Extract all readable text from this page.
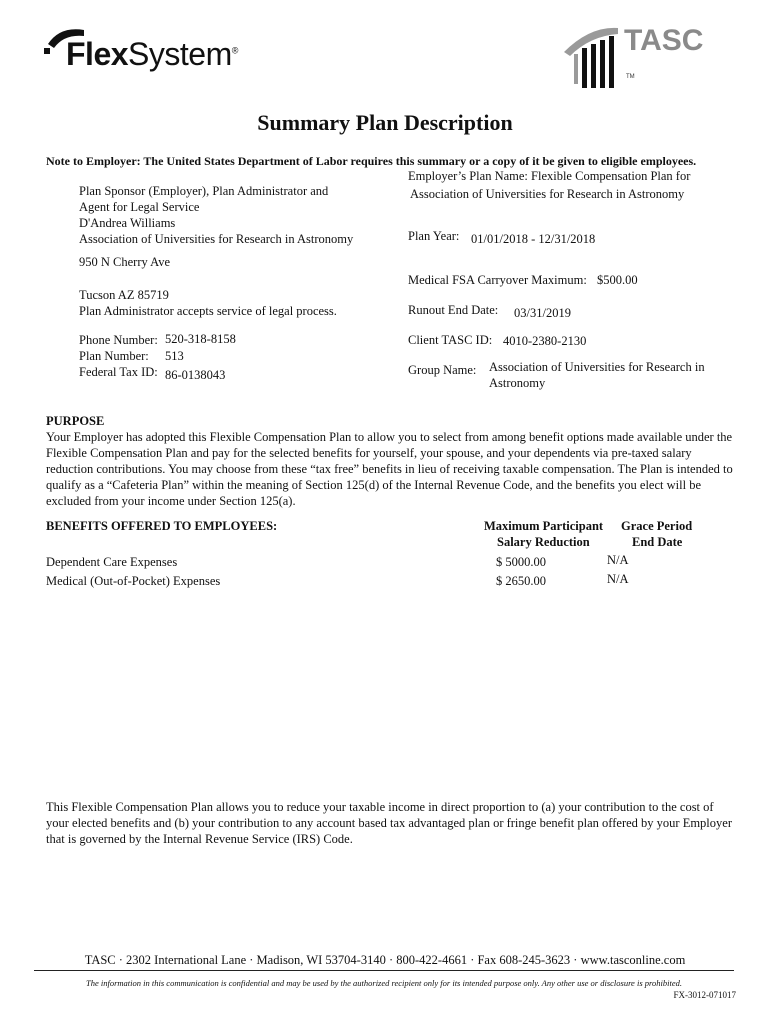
FlexSystem®	TASC
TM
Summary Plan Description
Note to Employer: The United States Department of Labor requires this summary or a copy of it be given to eligible employees.
Plan Sponsor (Employer), Plan Administrator and
Agent for Legal Service
D'Andrea Williams
Association of Universities for Research in Astronomy
950 N Cherry Ave
Tucson AZ 85719
Plan Administrator accepts service of legal process.
Phone Number: 520-318-8158
Plan Number: 513
Federal Tax ID: 86-0138043
Employer’s Plan Name: Flexible Compensation Plan for
Association of Universities for Research in Astronomy
Plan Year: 01/01/2018 - 12/31/2018
Medical FSA Carryover Maximum: $500.00
Runout End Date: 03/31/2019
Client TASC ID: 4010-2380-2130
Group Name: Association of Universities for Research in
Astronomy
PURPOSE
Your Employer has adopted this Flexible Compensation Plan to allow you to select from among benefit options made available under the Flexible Compensation Plan and pay for the selected benefits for yourself, your spouse, and your dependents via pre-taxed salary reduction contributions. You may choose from these “tax free” benefits in lieu of receiving taxable compensation. The Plan is intended to qualify as a “Cafeteria Plan” within the meaning of Section 125(d) of the Internal Revenue Code, and the benefits you elect will be excluded from your income under Section 125(a).
BENEFITS OFFERED TO EMPLOYEES:	Maximum Participant
Salary Reduction
Grace Period
End Date
Dependent Care Expenses	$ 5000.00	N/A
Medical (Out-of-Pocket) Expenses	$ 2650.00	N/A
This Flexible Compensation Plan allows you to reduce your taxable income in direct proportion to (a) your contribution to the cost of your elected benefits and (b) your contribution to any account based tax advantaged plan or fringe benefit plan offered by your Employer that is governed by the Internal Revenue Service (IRS) Code.
TASC · 2302 International Lane · Madison, WI 53704-3140 · 800-422-4661 · Fax 608-245-3623 · www.tasconline.com
The information in this communication is confidential and may be used by the authorized recipient only for its intended purpose only. Any other use or disclosure is prohibited.
FX-3012-071017
